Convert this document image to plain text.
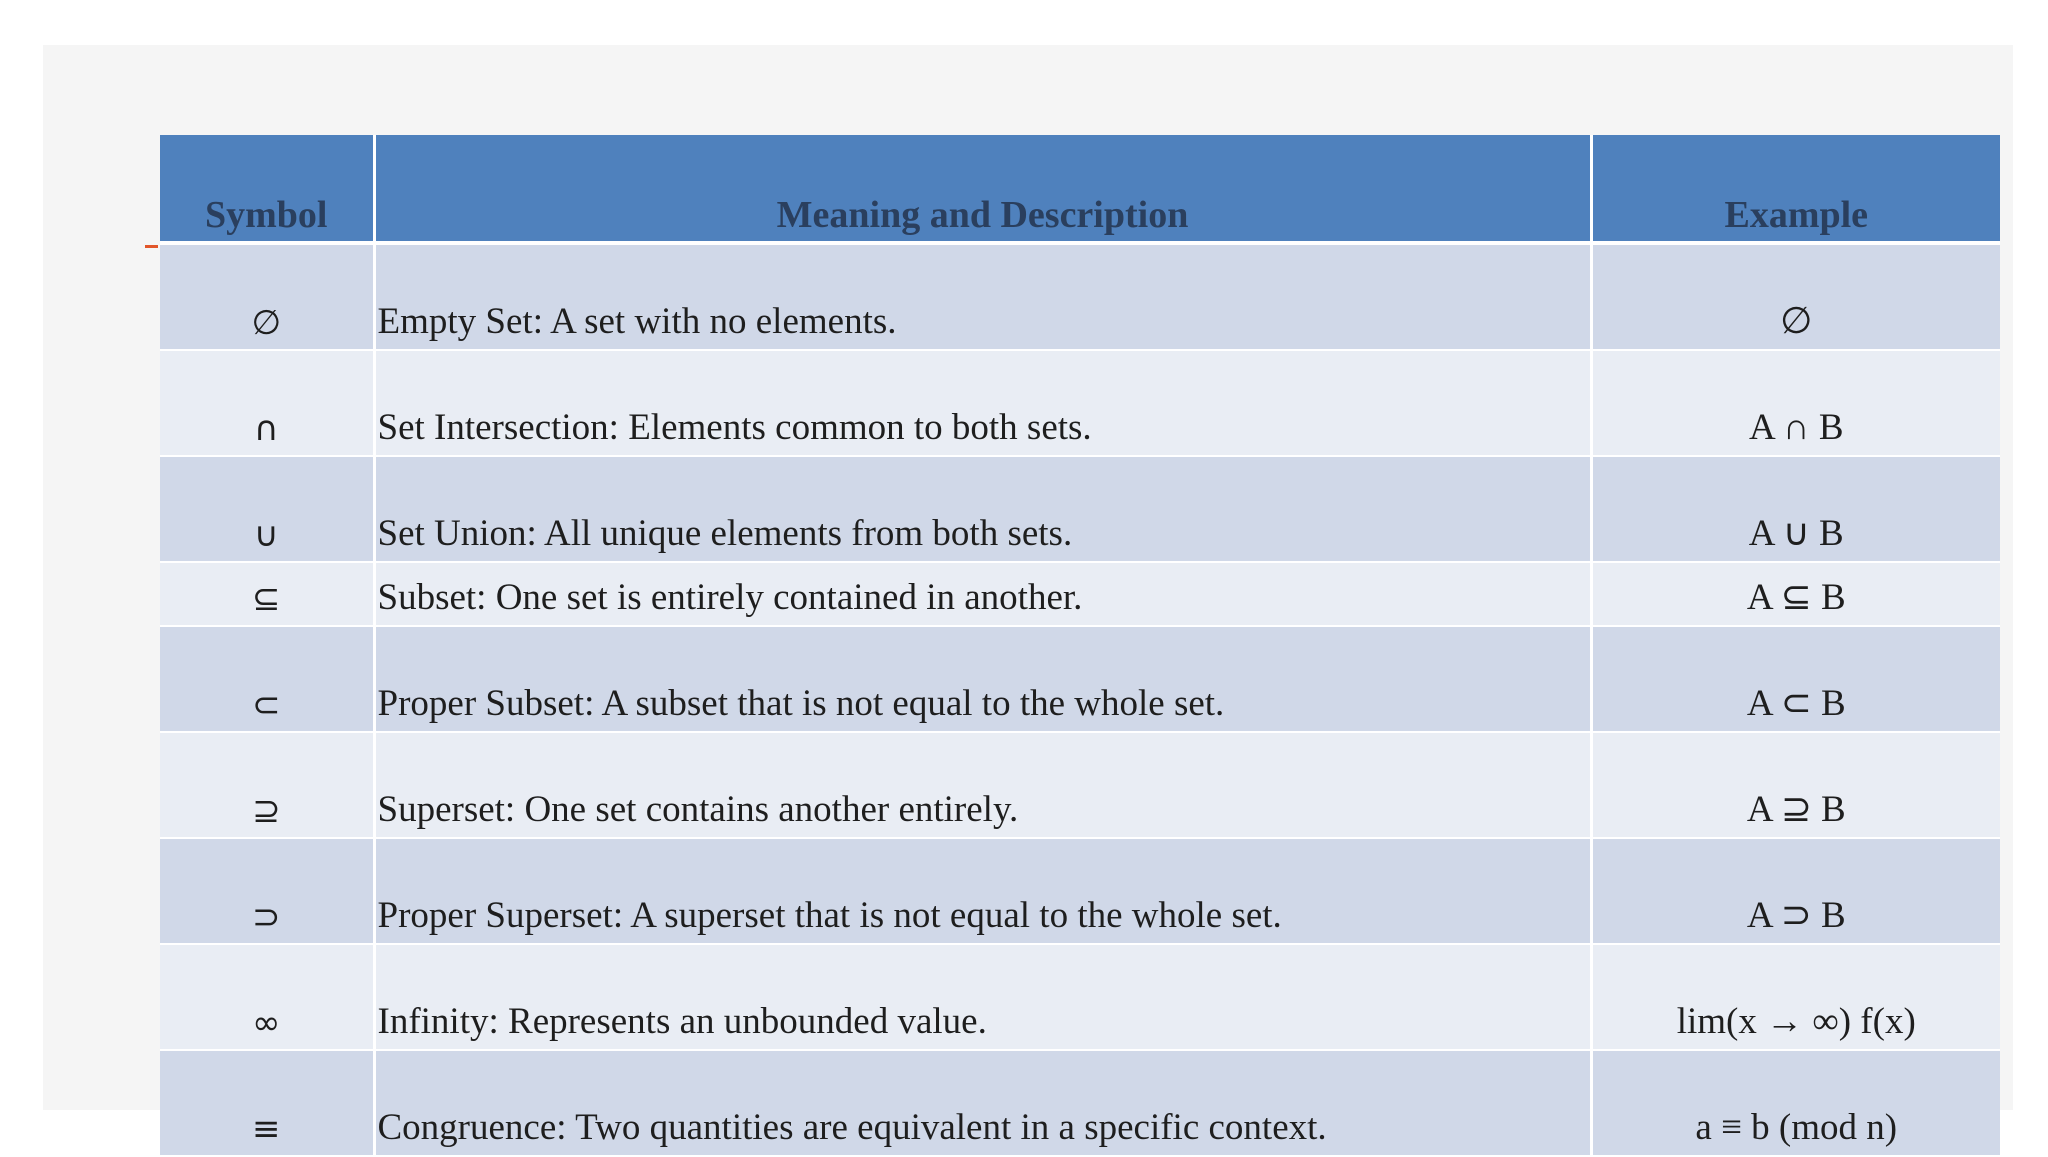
Symbol	Meaning and Description	Example
∅	Empty Set: A set with no elements.	∅
∩	Set Intersection: Elements common to both sets.	A ∩ B
∪	Set Union: All unique elements from both sets.	A ∪ B
⊆	Subset: One set is entirely contained in another.	A ⊆ B
⊂	Proper Subset: A subset that is not equal to the whole set.	A ⊂ B
⊇	Superset: One set contains another entirely.	A ⊇ B
⊃	Proper Superset: A superset that is not equal to the whole set.	A ⊃ B
∞	Infinity: Represents an unbounded value.	lim(x → ∞) f(x)
≡	Congruence: Two quantities are equivalent in a specific context.	a ≡ b (mod n)
